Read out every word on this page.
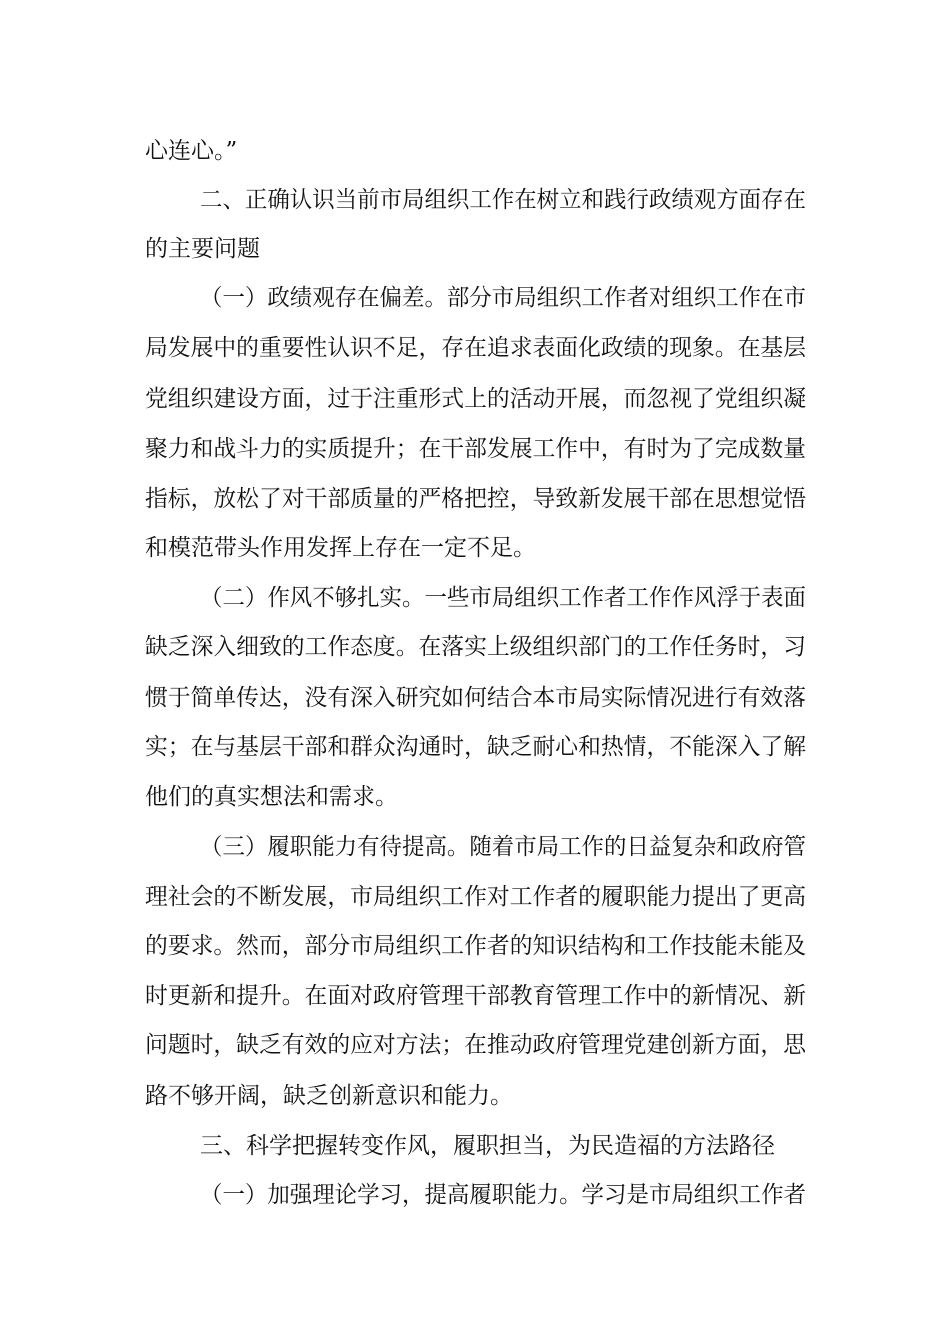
心连心。”
二、正确认识当前市局组织工作在树立和践行政绩观方面存在
的主要问题
（一）政绩观存在偏差。部分市局组织工作者对组织工作在市
局发展中的重要性认识不足，存在追求表面化政绩的现象。在基层
党组织建设方面，过于注重形式上的活动开展，而忽视了党组织凝
聚力和战斗力的实质提升；在干部发展工作中，有时为了完成数量
指标，放松了对干部质量的严格把控，导致新发展干部在思想觉悟
和模范带头作用发挥上存在一定不足。
（二）作风不够扎实。一些市局组织工作者工作作风浮于表面
缺乏深入细致的工作态度。在落实上级组织部门的工作任务时，习
惯于简单传达，没有深入研究如何结合本市局实际情况进行有效落
实；在与基层干部和群众沟通时，缺乏耐心和热情，不能深入了解
他们的真实想法和需求。
（三）履职能力有待提高。随着市局工作的日益复杂和政府管
理社会的不断发展，市局组织工作对工作者的履职能力提出了更高
的要求。然而，部分市局组织工作者的知识结构和工作技能未能及
时更新和提升。在面对政府管理干部教育管理工作中的新情况、新
问题时，缺乏有效的应对方法；在推动政府管理党建创新方面，思
路不够开阔，缺乏创新意识和能力。
三、科学把握转变作风，履职担当，为民造福的方法路径
（一）加强理论学习，提高履职能力。学习是市局组织工作者
